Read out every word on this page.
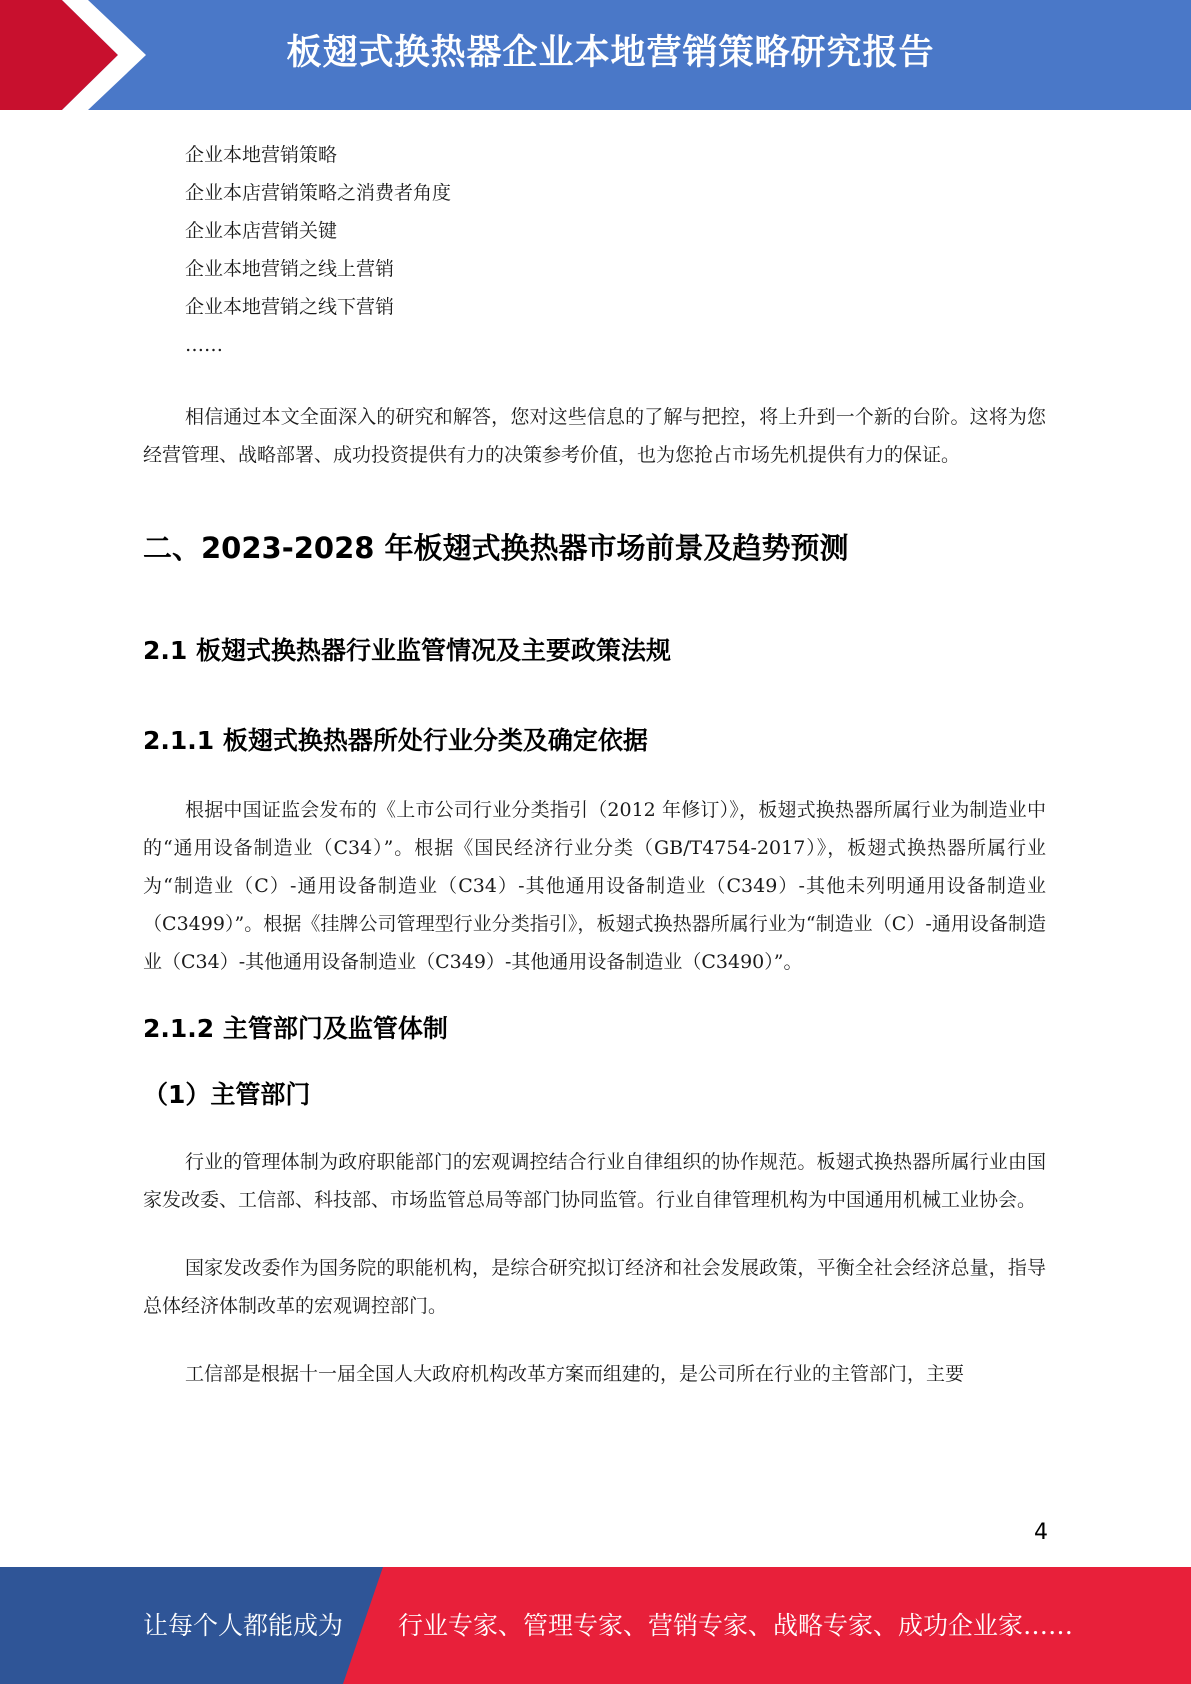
板翅式换热器企业本地营销策略研究报告
企业本地营销策略
企业本店营销策略之消费者角度
企业本店营销关键
企业本地营销之线上营销
企业本地营销之线下营销
……

相信通过本文全面深入的研究和解答，您对这些信息的了解与把控，将上升到一个新的台阶。这将为您经营管理、战略部署、成功投资提供有力的决策参考价值，也为您抢占市场先机提供有力的保证。

二、2023-2028 年板翅式换热器市场前景及趋势预测
2.1 板翅式换热器行业监管情况及主要政策法规
2.1.1 板翅式换热器所处行业分类及确定依据

根据中国证监会发布的《上市公司行业分类指引（2012 年修订）》，板翅式换热器所属行业为制造业中的“通用设备制造业（C34）”。根据《国民经济行业分类（GB/T4754-2017）》，板翅式换热器所属行业为“制造业（C）-通用设备制造业（C34）-其他通用设备制造业（C349）-其他未列明通用设备制造业（C3499）”。根据《挂牌公司管理型行业分类指引》，板翅式换热器所属行业为“制造业（C）-通用设备制造业（C34）-其他通用设备制造业（C349）-其他通用设备制造业（C3490）”。

2.1.2 主管部门及监管体制
（1）主管部门

行业的管理体制为政府职能部门的宏观调控结合行业自律组织的协作规范。板翅式换热器所属行业由国家发改委、工信部、科技部、市场监管总局等部门协同监管。行业自律管理机构为中国通用机械工业协会。

国家发改委作为国务院的职能机构，是综合研究拟订经济和社会发展政策，平衡全社会经济总量，指导总体经济体制改革的宏观调控部门。

工信部是根据十一届全国人大政府机构改革方案而组建的，是公司所在行业的主管部门，主要

4
让每个人都能成为 行业专家、管理专家、营销专家、战略专家、成功企业家……
